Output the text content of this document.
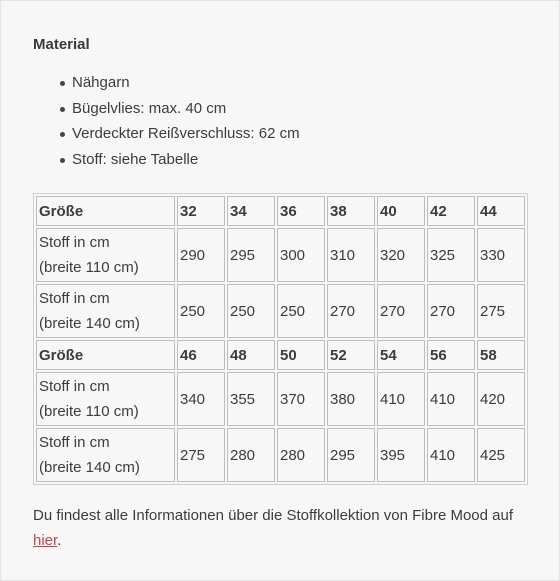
Material
Nähgarn
Bügelvlies: max. 40 cm
Verdeckter Reißverschluss: 62 cm
Stoff: siehe Tabelle
Größe	32	34	36	38	40	42	44
Stoff in cm
(breite 110 cm)	290	295	300	310	320	325	330
Stoff in cm
(breite 140 cm)	250	250	250	270	270	270	275
Größe	46	48	50	52	54	56	58
Stoff in cm
(breite 110 cm)	340	355	370	380	410	410	420
Stoff in cm
(breite 140 cm)	275	280	280	295	395	410	425

Du findest alle Informationen über die Stoffkollektion von Fibre Mood auf hier.
